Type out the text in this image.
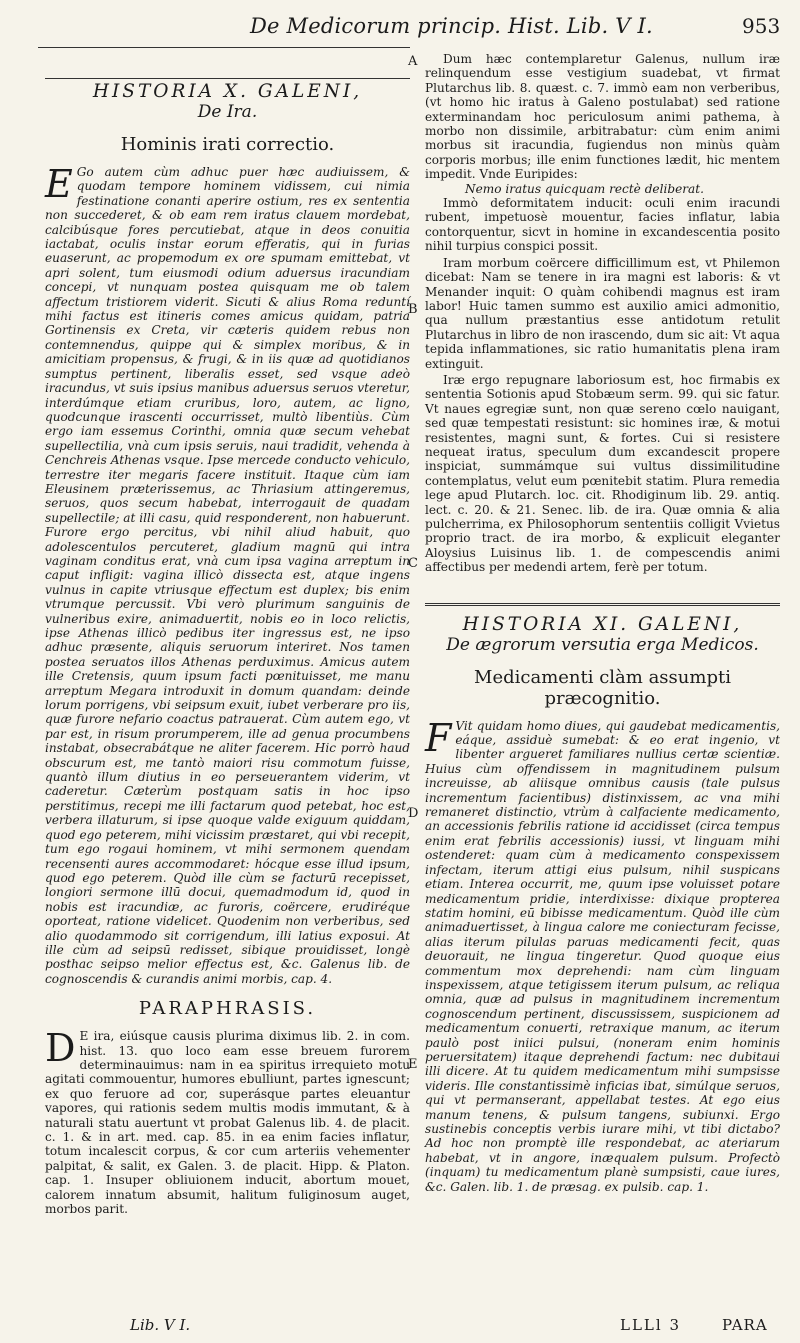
De Medicorum princip. Hist. Lib. V I.	953
A
B
C
D
E
HISTORIA X. GALENI,
De Ira.
Hominis irati correctio.

E Go autem cùm adhuc puer hæc audiuissem, & quodam tempore hominem vidissem, cui nimia festinatione conanti aperire ostium, res ex sententia non succederet, & ob eam rem iratus clauem mordebat, calcibúsque fores percutiebat, atque in deos conuitia iactabat, oculis instar eorum efferatis, qui in furias euaserunt, ac propemodum ex ore spumam emittebat, vt apri solent, tum eiusmodi odium aduersus iracundiam concepi, vt nunquam postea quisquam me ob talem affectum tristiorem viderit. Sicuti & alius Roma reduntí mihi factus est itineris comes amicus quidam, patria Gortinensis ex Creta, vir cæteris quidem rebus non contemnendus, quippe qui & simplex moribus, & in amicitiam propensus, & frugi, & in iis quæ ad quotidianos sumptus pertinent, liberalis esset, sed vsque adeò iracundus, vt suis ipsius manibus aduersus seruos vteretur, interdúmque etiam cruribus, loro, autem, ac ligno, quodcunque irascenti occurrisset, multò libentiùs. Cùm ergo iam essemus Corinthi, omnia quæ secum vehebat supellectilia, vnà cum ipsis seruis, naui tradidit, vehenda à Cenchreis Athenas vsque. Ipse mercede conducto vehiculo, terrestre iter megaris facere instituit. Itaque cùm iam Eleusinem præterissemus, ac Thriasium attingeremus, seruos, quos secum habebat, interrogauit de quadam supellectile; at illi casu, quid responderent, non habuerunt. Furore ergo percitus, vbi nihil aliud habuit, quo adolescentulos percuteret, gladium magnū qui intra vaginam conditus erat, vnà cum ipsa vagina arreptum in caput infligit: vagina illicò dissecta est, atque ingens vulnus in capite vtriusque effectum est duplex; bis enim vtrumque percussit. Vbi verò plurimum sanguinis de vulneribus exire, animaduertit, nobis eo in loco relictis, ipse Athenas illicò pedibus iter ingressus est, ne ipso adhuc præsente, aliquis seruorum interiret. Nos tamen postea seruatos illos Athenas perduximus. Amicus autem ille Cretensis, quum ipsum facti pœnituisset, me manu arreptum Megara introduxit in domum quandam: deinde lorum porrigens, vbi seipsum exuit, iubet verberare pro iis, quæ furore nefario coactus patrauerat. Cùm autem ego, vt par est, in risum prorumperem, ille ad genua procumbens instabat, obsecrabátque ne aliter facerem. Hic porrò haud obscurum est, me tantò maiori risu commotum fuisse, quantò illum diutius in eo perseuerantem viderim, vt caderetur. Cæterùm postquam satis in hoc ipso perstitimus, recepi me illi factarum quod petebat, hoc est, verbera illaturum, si ipse quoque valde exiguum quiddam, quod ego peterem, mihi vicissim præstaret, qui vbi recepit, tum ego rogaui hominem, vt mihi sermonem quendam recensenti aures accommodaret: hócque esse illud ipsum, quod ego peterem. Quòd ille cùm se facturū recepisset, longiori sermone illū docui, quemadmodum id, quod in nobis est iracundiæ, ac furoris, coërcere, erudiréque oporteat, ratione videlicet. Quodenim non verberibus, sed alio quodammodo sit corrigendum, illi latius exposui. At ille cùm ad seipsū redisset, sibique prouidisset, longè posthac seipso melior effectus est, &c. Galenus lib. de cognoscendis & curandis animi morbis, cap. 4.

PARAPHRASIS.

D E ira, eiúsque causis plurima diximus lib. 2. in com. hist. 13. quo loco eam esse breuem furorem determinauimus: nam in ea spiritus irrequieto motu agitati commouentur, humores ebulliunt, partes ignescunt; ex quo feruore ad cor, superásque partes eleuantur vapores, qui rationis sedem multis modis immutant, & à naturali statu auertunt vt probat Galenus lib. 4. de placit. c. 1. & in art. med. cap. 85. in ea enim facies inflatur, totum incalescit corpus, & cor cum arteriis vehementer palpitat, & salit, ex Galen. 3. de placit. Hipp. & Platon. cap. 1. Insuper obliuionem inducit, abortum mouet, calorem innatum absumit, halitum fuliginosum auget, morbos parit.

Dum hæc contemplaretur Galenus, nullum iræ relinquendum esse vestigium suadebat, vt firmat Plutarchus lib. 8. quæst. c. 7. immò eam non verberibus, (vt homo hic iratus à Galeno postulabat) sed ratione exterminandam hoc periculosum animi pathema, à morbo non dissimile, arbitrabatur: cùm enim animi morbus sit iracundia, fugiendus non minùs quàm corporis morbus; ille enim functiones lædit, hic mentem impedit. Vnde Euripides:

Nemo iratus quicquam rectè deliberat.

Immò deformitatem inducit: oculi enim iracundi rubent, impetuosè mouentur, facies inflatur, labia contorquentur, sicvt in homine in excandescentia posito nihil turpius conspici possit.

Iram morbum coërcere difficillimum est, vt Philemon dicebat: Nam se tenere in ira magni est laboris: & vt Menander inquit: O quàm cohibendi magnus est iram labor! Huic tamen summo est auxilio amici admonitio, qua nullum præstantius esse antidotum retulit Plutarchus in libro de non irascendo, dum sic ait: Vt aqua tepida inflammationes, sic ratio humanitatis plena iram extinguit.

Iræ ergo repugnare laboriosum est, hoc firmabis ex sententia Sotionis apud Stobæum serm. 99. qui sic fatur. Vt naues egregiæ sunt, non quæ sereno cœlo nauigant, sed quæ tempestati resistunt: sic homines iræ, & motui resistentes, magni sunt, & fortes. Cui si resistere nequeat iratus, speculum dum excandescit propere inspiciat, summámque sui vultus dissimilitudine contemplatus, velut eum pœnitebit statim. Plura remedia lege apud Plutarch. loc. cit. Rhodiginum lib. 29. antiq. lect. c. 20. & 21. Senec. lib. de ira. Quæ omnia & alia pulcherrima, ex Philosophorum sententiis colligit Vvietus proprio tract. de ira morbo, & explicuit eleganter Aloysius Luisinus lib. 1. de compescendis animi affectibus per medendi artem, ferè per totum.

HISTORIA XI. GALENI,
De ægrorum versutia erga Medicos.
Medicamenti clàm assumpti
præcognitio.

F Vit quidam homo diues, qui gaudebat medicamentis, eáque, assiduè sumebat: & eo erat ingenio, vt libenter argueret familiares nullius certæ scientiæ. Huius cùm offendissem in magnitudinem pulsum increuisse, ab aliisque omnibus causis (tale pulsus incrementum facientibus) distinxissem, ac vna mihi remaneret distinctio, vtrùm à calfaciente medicamento, an accessionis febrilis ratione id accidisset (circa tempus enim erat febrilis accessionis) iussi, vt linguam mihi ostenderet: quam cùm à medicamento conspexissem infectam, iterum attigi eius pulsum, nihil suspicans etiam. Interea occurrit, me, quum ipse voluisset potare medicamentum pridie, interdixisse: dixique propterea statim homini, eū bibisse medicamentum. Quòd ille cùm animaduertisset, à lingua calore me coniecturam fecisse, alias iterum pilulas paruas medicamenti fecit, quas deuorauit, ne lingua tingeretur. Quod quoque eius commentum mox deprehendi: nam cùm linguam inspexissem, atque tetigissem iterum pulsum, ac reliqua omnia, quæ ad pulsus in magnitudinem incrementum cognoscendum pertinent, discussissem, suspicionem ad medicamentum conuerti, retraxique manum, ac iterum paulò post iniici pulsui, (noneram enim hominis peruersitatem) itaque deprehendi factum: nec dubitaui illi dicere. At tu quidem medicamentum mihi sumpsisse videris. Ille constantissimè inficias ibat, simúlque seruos, qui vt permanserant, appellabat testes. At ego eius manum tenens, & pulsum tangens, subiunxi. Ergo sustinebis conceptis verbis iurare mihi, vt tibi dictabo? Ad hoc non promptè ille respondebat, ac ateriarum habebat, vt in angore, inæqualem pulsum. Profectò (inquam) tu medicamentum planè sumpsisti, caue iures, &c. Galen. lib. 1. de præsag. ex pulsib. cap. 1.

Lib. V I.	LLLl 3	PARA
